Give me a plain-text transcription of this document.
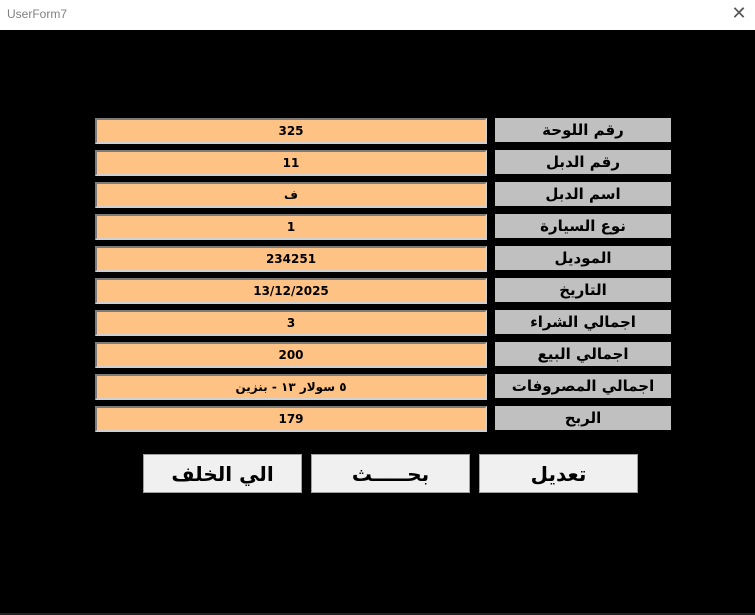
UserForm7	✕
325	رقم اللوحة
11	رقم الدبل
ف	اسم الدبل
1	نوع السيارة
234251	الموديل
13/12/2025	التاريخ
3	اجمالي الشراء
200	اجمالي البيع
٥ سولار ١٣ - بنزين	اجمالي المصروفات
179	الربح
الي الخلف	بحـــــث	تعديل
